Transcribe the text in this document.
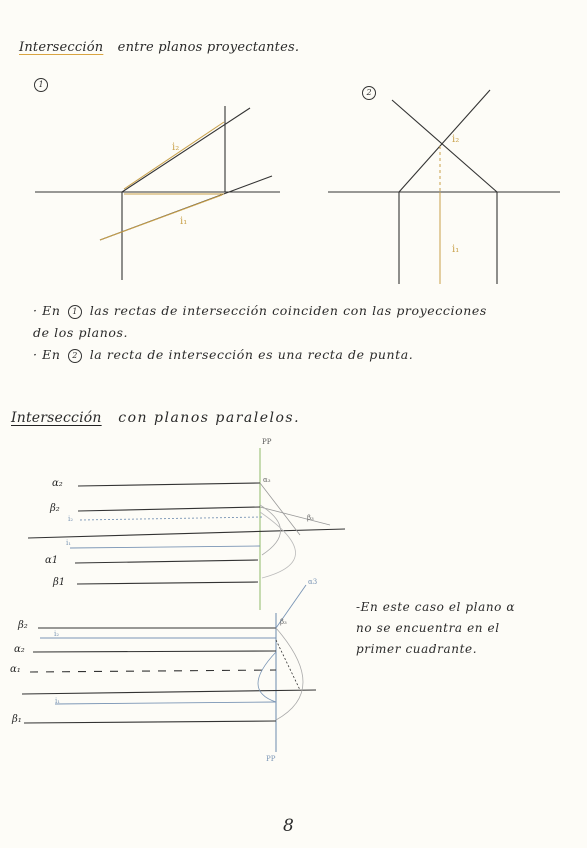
Intersección entre planos proyectantes.
1
2
i₂
i₁
i₂
i₁
· En 1 las rectas de intersección coinciden con las proyecciones
de los planos.
· En 2 la recta de intersección es una recta de punta.
Intersección con planos paralelos.
α₂
β₂
α1
β1
PP
i₂
i₁
α₃
β₃
β₂
α₂
α₁
β₁
i₂
i₁
α3
β₃
PP
-En este caso el plano α
no se encuentra en el
primer cuadrante.
8
